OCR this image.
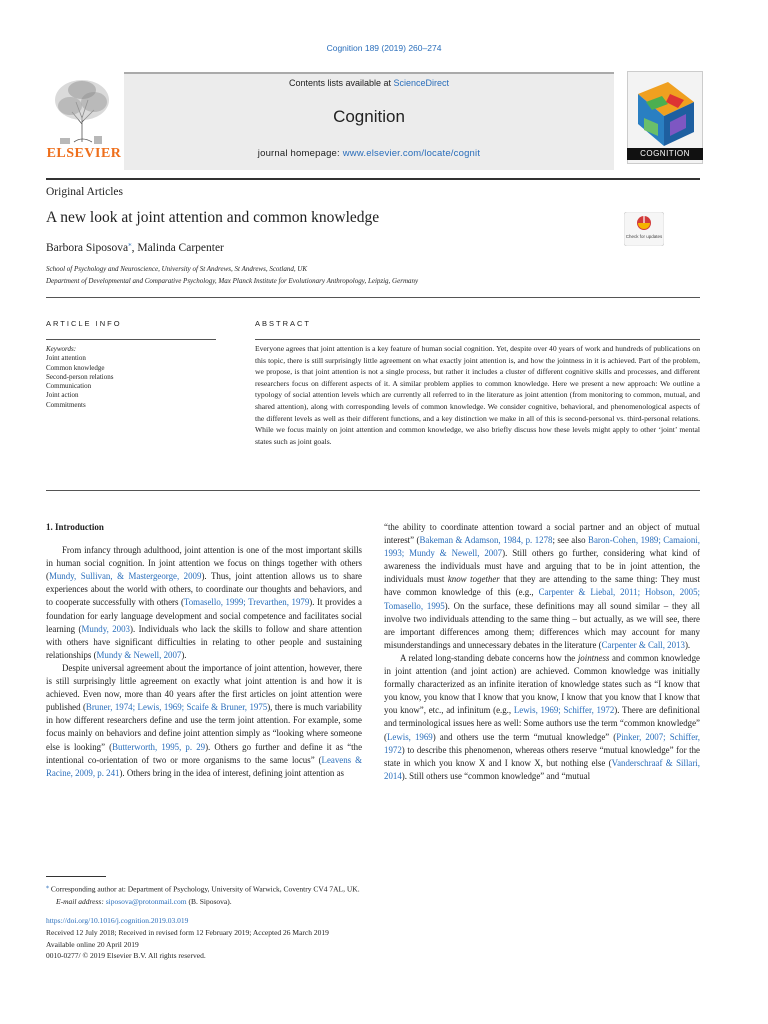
Cognition 189 (2019) 260–274
Contents lists available at ScienceDirect
Cognition
journal homepage: www.elsevier.com/locate/cognit
ELSEVIER	COGNITION
Original Articles
A new look at joint attention and common knowledge
Barbora Siposova⁎, Malinda Carpenter
Check for updates
School of Psychology and Neuroscience, University of St Andrews, St Andrews, Scotland, UK
Department of Developmental and Comparative Psychology, Max Planck Institute for Evolutionary Anthropology, Leipzig, Germany
ARTICLE INFO	ABSTRACT
Keywords:
Joint attention
Common knowledge
Second-person relations
Communication
Joint action
Commitments
Everyone agrees that joint attention is a key feature of human social cognition. Yet, despite over 40 years of work and hundreds of publications on this topic, there is still surprisingly little agreement on what exactly joint attention is, and how the jointness in it is achieved. Part of the problem, we propose, is that joint attention is not a single process, but rather it includes a cluster of different cognitive skills and processes, and different researchers focus on different aspects of it. A similar problem applies to common knowledge. Here we present a new approach: We outline a typology of social attention levels which are currently all referred to in the literature as joint attention (from monitoring to common, mutual, and shared attention), along with corresponding levels of common knowledge. We consider cognitive, behavioral, and phenomenological aspects of the different levels as well as their different functions, and a key distinction we make in all of this is second-personal vs. third-personal relations. While we focus mainly on joint attention and common knowledge, we also briefly discuss how these levels might apply to other ‘joint’ mental states such as joint goals.

1. Introduction

From infancy through adulthood, joint attention is one of the most important skills in human social cognition. In joint attention we focus on things together with others (Mundy, Sullivan, & Mastergeorge, 2009). Thus, joint attention allows us to share experiences about the world with others, to coordinate our thoughts and behaviors, and to cooperate successfully with others (Tomasello, 1999; Trevarthen, 1979). It provides a foundation for early language development and social competence and facilitates social learning (Mundy, 2003). Individuals who lack the skills to follow and share attention with others have significant difficulties in relating to other people and sustaining relationships (Mundy & Newell, 2007).

Despite universal agreement about the importance of joint attention, however, there is still surprisingly little agreement on exactly what joint attention is and how it is achieved. Even now, more than 40 years after the first articles on joint attention were published (Bruner, 1974; Lewis, 1969; Scaife & Bruner, 1975), there is much variability in how different researchers define and use the term joint attention. For example, some focus mainly on behaviors and define joint attention simply as “looking where someone else is looking” (Butterworth, 1995, p. 29). Others go further and define it as “the intentional co-orientation of two or more organisms to the same locus” (Leavens & Racine, 2009, p. 241). Others bring in the idea of interest, defining joint attention as

“the ability to coordinate attention toward a social partner and an object of mutual interest” (Bakeman & Adamson, 1984, p. 1278; see also Baron-Cohen, 1989; Camaioni, 1993; Mundy & Newell, 2007). Still others go further, considering what kind of awareness the individuals must have and arguing that to be in joint attention, the individuals must know together that they are attending to the same thing: They must have common knowledge of this (e.g., Carpenter & Liebal, 2011; Hobson, 2005; Tomasello, 1995). On the surface, these definitions may all sound similar – they all involve two individuals attending to the same thing – but actually, as we will see, there are important differences among them; differences which may account for many misunderstandings and unnecessary debates in the literature (Carpenter & Call, 2013).

A related long-standing debate concerns how the jointness and common knowledge in joint attention (and joint action) are achieved. Common knowledge was initially formally characterized as an infinite iteration of knowledge states such as “I know that you know, you know that I know that you know, I know that you know that I know that you know”, etc., ad infinitum (e.g., Lewis, 1969; Schiffer, 1972). There are definitional and terminological issues here as well: Some authors use the term “common knowledge” (Lewis, 1969) and others use the term “mutual knowledge” (Pinker, 2007; Schiffer, 1972) to describe this phenomenon, whereas others reserve “mutual knowledge” for the state in which you know X and I know X, but nothing else (Vanderschraaf & Sillari, 2014). Still others use “common knowledge” and “mutual

⁎ Corresponding author at: Department of Psychology, University of Warwick, Coventry CV4 7AL, UK.
E-mail address: siposova@protonmail.com (B. Siposova).
https://doi.org/10.1016/j.cognition.2019.03.019
Received 12 July 2018; Received in revised form 12 February 2019; Accepted 26 March 2019
Available online 20 April 2019
0010-0277/ © 2019 Elsevier B.V. All rights reserved.
